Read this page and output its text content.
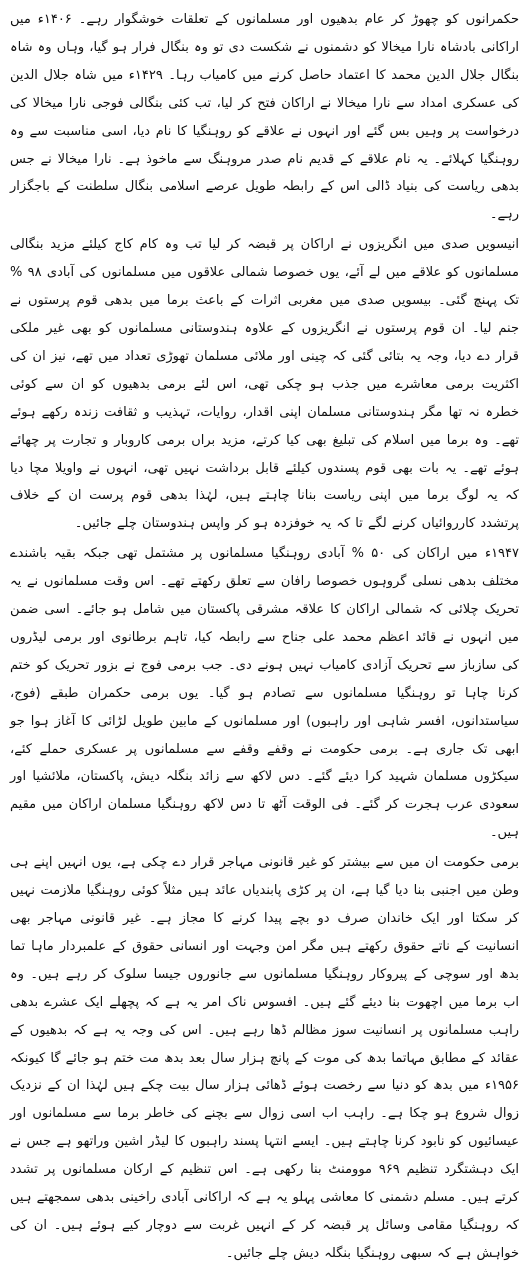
حکمرانوں کو چھوڑ کر عام بدھیوں اور مسلمانوں کے تعلقات خوشگوار رہے۔ ۱۴۰۶ء میں اراکانی بادشاہ نارا میخالا کو دشمنوں نے شکست دی تو وہ بنگال فرار ہو گیا، وہاں وہ شاہ بنگال جلال الدین محمد کا اعتماد حاصل کرنے میں کامیاب رہا۔ ۱۴۲۹ء میں شاہ جلال الدین کی عسکری امداد سے نارا میخالا نے اراکان فتح کر لیا، تب کئی بنگالی فوجی نارا میخالا کی درخواست پر وہیں بس گئے اور انہوں نے علاقے کو روہنگیا کا نام دیا، اسی مناسبت سے وہ روہنگیا کہلائے۔ یہ نام علاقے کے قدیم نام صدر مروہنگ سے ماخوذ ہے۔ نارا میخالا نے جس بدھی ریاست کی بنیاد ڈالی اس کے رابطہ طویل عرصے اسلامی بنگال سلطنت کے باجگزار رہے۔

انیسویں صدی میں انگریزوں نے اراکان پر قبضہ کر لیا تب وہ کام کاج کیلئے مزید بنگالی مسلمانوں کو علاقے میں لے آئے، یوں خصوصا شمالی علاقوں میں مسلمانوں کی آبادی ۹۸ % تک پہنچ گئی۔ بیسویں صدی میں مغربی اثرات کے باعث برما میں بدھی قوم پرستوں نے جنم لیا۔ ان قوم پرستوں نے انگریزوں کے علاوہ ہندوستانی مسلمانوں کو بھی غیر ملکی قرار دے دیا، وجہ یہ بتائی گئی کہ چینی اور ملائی مسلمان تھوڑی تعداد میں تھے، نیز ان کی اکثریت برمی معاشرے میں جذب ہو چکی تھی، اس لئے برمی بدھیوں کو ان سے کوئی خطرہ نہ تھا مگر ہندوستانی مسلمان اپنی اقدار، روایات، تہذیب و ثقافت زندہ رکھے ہوئے تھے۔ وہ برما میں اسلام کی تبلیغ بھی کیا کرتے، مزید براں برمی کاروبار و تجارت پر چھائے ہوئے تھے۔ یہ بات بھی قوم پسندوں کیلئے قابل برداشت نہیں تھی، انہوں نے واویلا مچا دیا کہ یہ لوگ برما میں اپنی ریاست بنانا چاہتے ہیں، لہٰذا بدھی قوم پرست ان کے خلاف پرتشدد کارروائیاں کرنے لگے تا کہ یہ خوفزدہ ہو کر واپس ہندوستان چلے جائیں۔

۱۹۴۷ء میں اراکان کی ۵۰ % آبادی روہنگیا مسلمانوں پر مشتمل تھی جبکہ بقیہ باشندے مختلف بدھی نسلی گروہوں خصوصا رافان سے تعلق رکھتے تھے۔ اس وقت مسلمانوں نے یہ تحریک چلائی کہ شمالی اراکان کا علاقہ مشرقی پاکستان میں شامل ہو جائے۔ اسی ضمن میں انہوں نے قائد اعظم محمد علی جناح سے رابطہ کیا، تاہم برطانوی اور برمی لیڈروں کی سازباز سے تحریک آزادی کامیاب نہیں ہونے دی۔ جب برمی فوج نے بزور تحریک کو ختم کرنا چاہا تو روہنگیا مسلمانوں سے تصادم ہو گیا۔ یوں برمی حکمران طبقے (فوج، سیاستدانوں، افسر شاہی اور راہبوں) اور مسلمانوں کے مابین طویل لڑائی کا آغاز ہوا جو ابھی تک جاری ہے۔ برمی حکومت نے وقفے وقفے سے مسلمانوں پر عسکری حملے کئے، سیکڑوں مسلمان شہید کرا دیئے گئے۔ دس لاکھ سے زائد بنگلہ دیش، پاکستان، ملائشیا اور سعودی عرب ہجرت کر گئے۔ فی الوقت آٹھ تا دس لاکھ روہنگیا مسلمان اراکان میں مقیم ہیں۔

برمی حکومت ان میں سے بیشتر کو غیر قانونی مہاجر قرار دے چکی ہے، یوں انہیں اپنے ہی وطن میں اجنبی بنا دیا گیا ہے، ان پر کڑی پابندیاں عائد ہیں مثلاً کوئی روہنگیا ملازمت نہیں کر سکتا اور ایک خاندان صرف دو بچے پیدا کرنے کا مجاز ہے۔ غیر قانونی مہاجر بھی انسانیت کے ناتے حقوق رکھتے ہیں مگر امن وجہت اور انسانی حقوق کے علمبردار ماہا تما بدھ اور سوچی کے پیروکار روہنگیا مسلمانوں سے جانوروں جیسا سلوک کر رہے ہیں۔ وہ اب برما میں اچھوت بنا دیئے گئے ہیں۔ افسوس ناک امر یہ ہے کہ پچھلے ایک عشرے بدھی راہب مسلمانوں پر انسانیت سوز مظالم ڈھا رہے ہیں۔ اس کی وجہ یہ ہے کہ بدھیوں کے عقائد کے مطابق مہاتما بدھ کی موت کے پانچ ہزار سال بعد بدھ مت ختم ہو جائے گا کیونکہ ۱۹۵۶ء میں بدھ کو دنیا سے رخصت ہوئے ڈھائی ہزار سال بیت چکے ہیں لہٰذا ان کے نزدیک زوال شروع ہو چکا ہے۔ راہب اب اسی زوال سے بچنے کی خاطر برما سے مسلمانوں اور عیسائیوں کو نابود کرنا چاہتے ہیں۔ ایسے انتہا پسند راہبوں کا لیڈر اشین وراتھو ہے جس نے ایک دہشتگرد تنظیم ۹۶۹ موومنٹ بنا رکھی ہے۔ اس تنظیم کے ارکان مسلمانوں پر تشدد کرتے ہیں۔ مسلم دشمنی کا معاشی پہلو یہ ہے کہ اراکانی آبادی راخینی بدھی سمجھتے ہیں کہ روہنگیا مقامی وسائل پر قبضہ کر کے انہیں غربت سے دوچار کیے ہوئے ہیں۔ ان کی خواہش ہے کہ سبھی روہنگیا بنگلہ دیش چلے جائیں۔
